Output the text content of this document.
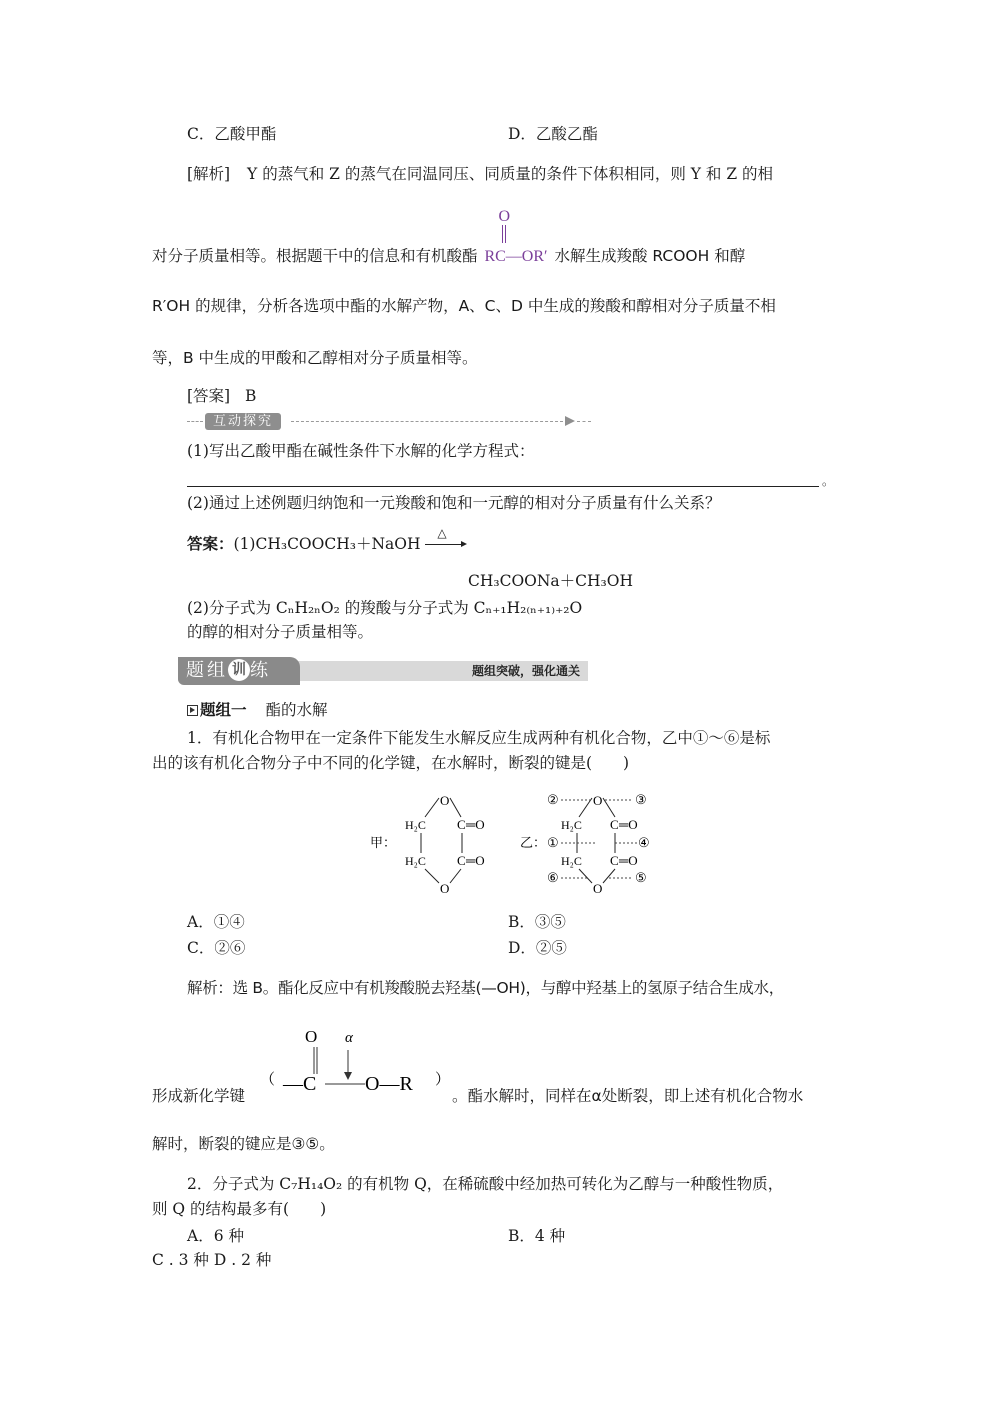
C．乙酸甲酯	D．乙酸乙酯
[解析] Y 的蒸气和 Z 的蒸气在同温同压、同质量的条件下体积相同，则 Y 和 Z 的相
对分子质量相等。根据题干中的信息和有机酸酯
O
RC—OR′ 水解生成羧酸 RCOOH 和醇
R′OH 的规律，分析各选项中酯的水解产物，A、C、D 中生成的羧酸和醇相对分子质量不相
等，B 中生成的甲酸和乙醇相对分子质量相等。
[答案] B
互动探究
(1)写出乙酸甲酯在碱性条件下水解的化学方程式：
。
(2)通过上述例题归纳饱和一元羧酸和饱和一元醇的相对分子质量有什么关系？
答案：(1)CH₃COOCH₃＋NaOH
△
CH₃COONa＋CH₃OH
(2)分子式为 CₙH₂ₙO₂ 的羧酸与分子式为 Cₙ₊₁H₂₍ₙ₊₁₎₊₂O
的醇的相对分子质量相等。
题组 训 练	题组突破，强化通关
题组一 酯的水解
1．有机化合物甲在一定条件下能发生水解反应生成两种有机化合物，乙中①～⑥是标
出的该有机化合物分子中不同的化学键，在水解时，断裂的键是(　　)
甲：
O
O
H₂C
H₂C
C
C
═O
═O
乙：
O
O
H₂C
H₂C
C
C
═O
═O
②	③
①	④
⑥	⑤
A．①④	B．③⑤
C．②⑥	D．②⑤
解析：选 B。酯化反应中有机羧酸脱去羟基(—OH)，与醇中羟基上的氢原子结合生成水，
形成新化学键
（
O α
—C O—R ）
。酯水解时，同样在α处断裂，即上述有机化合物水
解时，断裂的键应是③⑤。
2．分子式为 C₇H₁₄O₂ 的有机物 Q，在稀硫酸中经加热可转化为乙醇与一种酸性物质，
则 Q 的结构最多有(　　)
A．6 种	B．4 种
C . 3 种 D . 2 种
